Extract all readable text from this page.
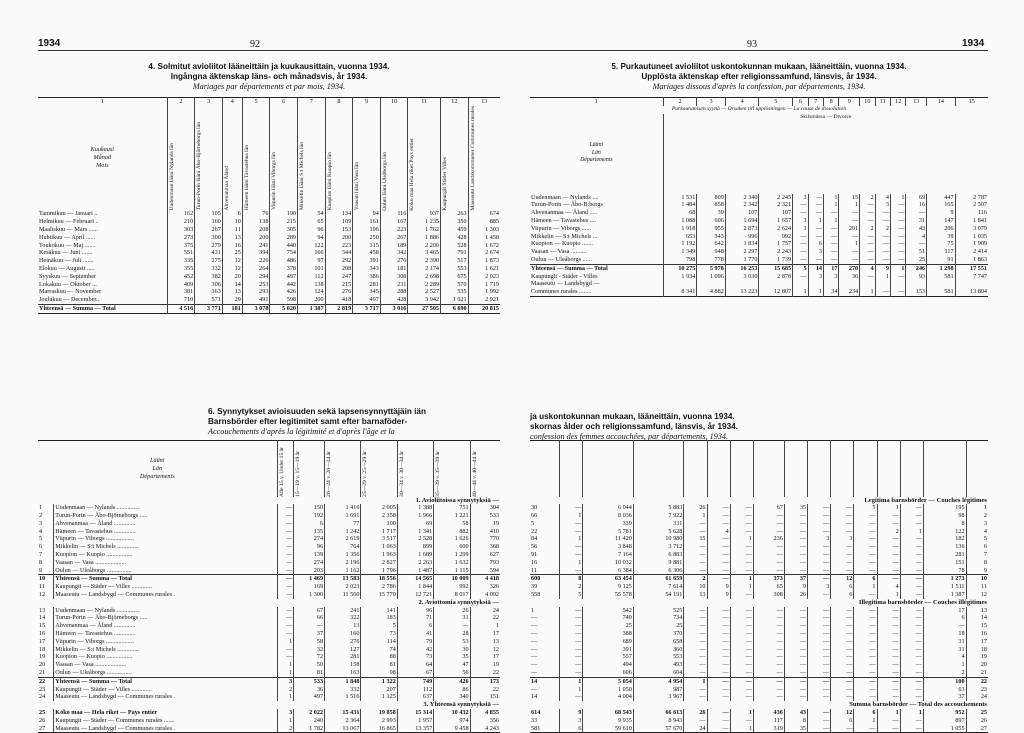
1934	92	93	1934
4. Solmitut avioliitot lääneittäin ja kuukausittain, vuonna 1934.
Ingångna äktenskap läns- och månadsvis, år 1934.
Mariages par départements et par mois, 1934.
1	2	3	4	5	6	7	8	9	10	11	12	13

Kuukausi
Månad
Mois	Uudenmaan lääni Nylands län	Turun-Porin lääni Åbo-Björneborgs län	Ahvenanmaa Åland	Hämeen lääni Tavastehus län	Viipurin lääni Viborgs län	Mikkelin lääni S:t Michels län	Kuopion lääni Kuopio län	Vaasan lääni Vasa län	Oulun lääni Uleåborgs län	Koko maa Hela riket Pays entier	Kaupungit Städer Villes	Maaseutu Landskommuner Communes rurales

Tammikuu — Januari ..	162	105	6	76	190	54	134	94	116	937	263	674
Helmikuu — Februari ..	210	160	10	138	215	65	109	161	167	1 235	350	885
Maaliskuu — Mars ......	303	267	11	208	305	96	153	196	223	1 762	459	1 303
Huhtikuu — April ......	273	300	13	200	289	94	200	250	267	1 886	428	1 458
Toukokuu — Maj .......	375	279	16	241	440	122	223	315	189	2 200	528	1 672
Kesäkuu — Juni .......	551	431	25	394	754	166	344	458	342	3 465	791	2 674
Heinäkuu — Juli .......	335	275	12	226	486	97	292	391	276	2 390	517	1 873
Elokuu — Augusti .....	355	332	12	264	378	101	208	343	181	2 174	553	1 621
Syyskuu — September	452	382	20	294	497	112	247	386	308	2 698	675	2 023
Lokakuu — Oktober ...	409	306	14	253	442	138	215	281	231	2 289	570	1 719
Marraskuu — November	381	363	13	293	426	124	276	345	288	2 527	535	1 992
Joulukuu — December..	710	571	29	491	598	200	418	497	428	3 942	1 021	2 921
Yhteensä — Summa — Total	4 516	3 771	181	3 078	5 020	1 387	2 819	3 717	3 016	27 505	6 690	20 815
5. Purkautuneet avioliitot uskontokunnan mukaan, lääneittäin, vuonna 1934.
Upplösta äktenskap efter religionssamfund, länsvis, år 1934.
Mariages dissous d'après la confession, par départements, 1934.
1	2	3	4	5	6	7	8	9	10	11	12	13	14	15
Purkautumisen syynä — Orsaken till upplösningen — La cause de dissolution														
Lääni
Län
Départements	Skilsmässa — Divorce													
Uudenmaan — Nylands ....	1 531	809	2 340	2 245	3	—	1	15	2	4	1	69	447	2 787
Turun-Porin — Åbo-B:borgs	1 484	858	2 342	2 321	—	—	1	1	—	3	—	16	165	2 507
Ahvenanmaa — Åland .....	68	39	107	107	—	—	—	—	—	—	—	—	9	116
Hämeen — Tavastehus ....	1 088	606	1 694	1 657	3	1	1	—	—	—	—	31	147	1 841
Viipurin — Viborgs ......	1 918	955	2 873	2 624	1	—	—	201	2	2	—	43	206	3 079
Mikkelin — S:t Michels ...	653	343	996	992	—	—	—	—	—	—	—	4	39	1 035
Kuopion — Kuopio .......	1 192	642	1 834	1 757	—	6	—	1	—	—	—	—	75	1 909
Vaasan — Vasa ..........	1 349	948	2 297	2 243	—	3	—	—	—	—	—	51	117	2 414
Oulun — Uleåborgs ......	798	778	1 770	1 739	—	—	—	—	—	—	—	25	91	1 863
Yhteensä — Summa — Total	10 275	5 978	16 253	15 685	5	14	17	270	4	9	1	246	1 298	17 551
Kaupungit - Städer - Villes	1 934	1 096	3 030	2 878	—	3	3	36	—	1	—	93	581	7 747
Maaseutu — Landsbygd —														
Communes rurales ........	8 341	4 882	13 223	12 807	1	1	34	234	1	—	—	153	581	13 804
6. Synnytykset avioisuuden sekä lapsensynnyttäjäin iän
Barnsbörder efter legitimitet samt efter barnaföder-
Accouchements d'après la légitimité et d'après l'âge et la
Lääni
Län
Départements		Alle 15 v. Under 15 år	15—19 v. 15—19 år	20—24 v. 20—24 år	25—29 v. 25—29 år	30—34 v. 30—34 år	35—39 v. 35—39 år	40—44 v. 40—44 år

1. Avioliitoissa synnytyksiä —								
1	Uudenmaan — Nylands ...............	—	150	1 416	2 005	1 388	751	304
2	Turun-Porin — Åbo-Björneborgs .....	—	192	1 691	2 358	1 966	1 221	533
3	Ahvenanmaa — Åland ..............	—	6	77	100	69	58	19
4	Hämeen — Tavastehus ..............	—	135	1 242	1 717	1 341	882	410
5	Viipurin — Viborgs ..................	—	274	2 619	3 517	2 528	1 626	770
6	Mikkelin — S:t Michels ..............	—	96	764	1 063	899	600	368
7	Kuopion — Kuopio .................	—	139	1 356	1 963	1 689	1 299	627
8	Vaasan — Vasa ....................	—	274	2 196	2 827	2 263	1 632	793
9	Oulun — Uleåborgs ................	—	203	1 162	1 796	1 487	1 115	594
10	Yhteensä — Summa — Total	—	1 469	13 583	18 556	14 565	10 009	4 418
11	Kaupungit — Städer — Villes .............	—	169	2 023	2 786	1 844	992	326
12	Maaseutu — Landsbygd — Communes rurales .	—	1 300	11 560	15 770	12 721	8 017	4 092
2. Aviottomia synnytyksiä —								
13	Uudenmaan — Nylands ...............	—	67	241	141	96	26	24
14	Turun-Porin — Åbo-Björneborgs .....	—	66	322	183	71	31	22
15	Ahvenanmaa — Åland ..............	—	—	13	5	6	—	1
16	Hämeen — Tavastehus ..............	—	37	160	73	41	28	17
17	Viipurin — Viborgs ..................	1	58	276	114	79	53	13
18	Mikkelin — S:t Michels ..............	—	32	127	74	42	30	12
19	Kuopion — Kuopio .................	—	72	281	88	73	35	17
20	Vaasan — Vasa ....................	1	50	158	81	64	47	19
21	Oulun — Uleåborgs ................	1	81	163	98	67	56	22
22	Yhteensä — Summa — Total	3	533	1 848	1 322	749	426	173
23	Kaupungit — Städer — Villes .............	2	36	332	207	112	86	22
24	Maaseutu — Landsbygd — Communes rurales .	1	497	1 516	1 125	637	340	151
3. Yhteensä synnytyksiä —								
25	Koko maa — Hela riket — Pays entier	3	2 022	15 431	19 858	15 314	10 432	4 855
26	Kaupungit — Städer — Communes rurales .......	1	240	2 364	2 993	1 957	974	356
27	Maaseutu — Landsbygd — Communes rurales .	2	1 782	13 067	16 865	13 357	9 458	4 243
ja uskontokunnan mukaan, lääneittäin, vuonna 1934.
skornas ålder och religionssamfund, länsvis, år 1934.
confession des femmes accouchées, par départements, 1934.

Legitima barnsbörder — Couches légitimes															
30	—	6 044	5 883	26	—	—	67	35	—	—	5	1	—	195	1
66	1	8 036	7 922	1	—	—	—	—	—	—	—	—	—	98	2
5	—	339	331	—	—	—	—	—	—	—	—	—	—	8	3
22	—	5 781	5 628	—	4	—	—	—	—	—	—	2	1	122	4
84	1	11 420	10 980	15	—	1	236	—	3	3	—	—	—	182	5
56	—	3 848	3 712	—	—	—	—	—	—	—	—	—	—	136	6
91	—	7 164	6 883	—	—	—	—	—	—	—	—	—	—	281	7
16	1	10 032	9 881	—	—	—	—	—	—	—	—	—	—	151	8
11	—	6 384	6 306	—	—	—	—	—	—	—	—	—	—	78	9
600	8	63 454	61 659	2	—	1	373	37	—	12	6	—	—	1 273	10
39	2	9 125	7 614	10	9	1	65	9	3	6	1	4	—	1 511	11
558	5	55 578	54 191	13	9	—	308	26	—	6	—	1	—	1 387	12
Illegitima barnsbörder — Couches illégitimes															
1	—	542	525	—	—	—	—	—	—	—	—	—	—	17	13
—	—	740	734	—	—	—	—	—	—	—	—	—	—	6	14
—	—	25	25	—	—	—	—	—	—	—	—	—	—	—	15
—	—	388	370	—	—	—	—	—	—	—	—	—	—	18	16
—	—	689	658	—	—	—	—	—	—	—	—	—	—	31	17
—	—	391	360	—	—	—	—	—	—	—	—	—	—	31	18
—	—	557	553	—	—	—	—	—	—	—	—	—	—	4	19
—	—	494	493	—	—	—	—	—	—	—	—	—	—	1	20
—	—	606	604	—	—	—	—	—	—	—	—	—	—	2	21
14	1	5 054	4 954	1	—	—	—	—	—	—	—	—	—	100	22
—	1	1 050	987	—	—	—	—	—	—	—	—	—	—	63	23
14	—	4 004	3 967	—	—	—	—	—	—	—	—	—	—	37	24
Summa barnsbörder — Total des accouchements															
614	9	68 543	66 613	26	—	1	436	43	—	12	6	1	1	952	25
33	3	9 935	8 943	—	—	—	117	8	—	6	1	—	—	897	26
581	6	59 610	57 670	24	—	1	319	35	—	—	—	—	—	1 055	27
